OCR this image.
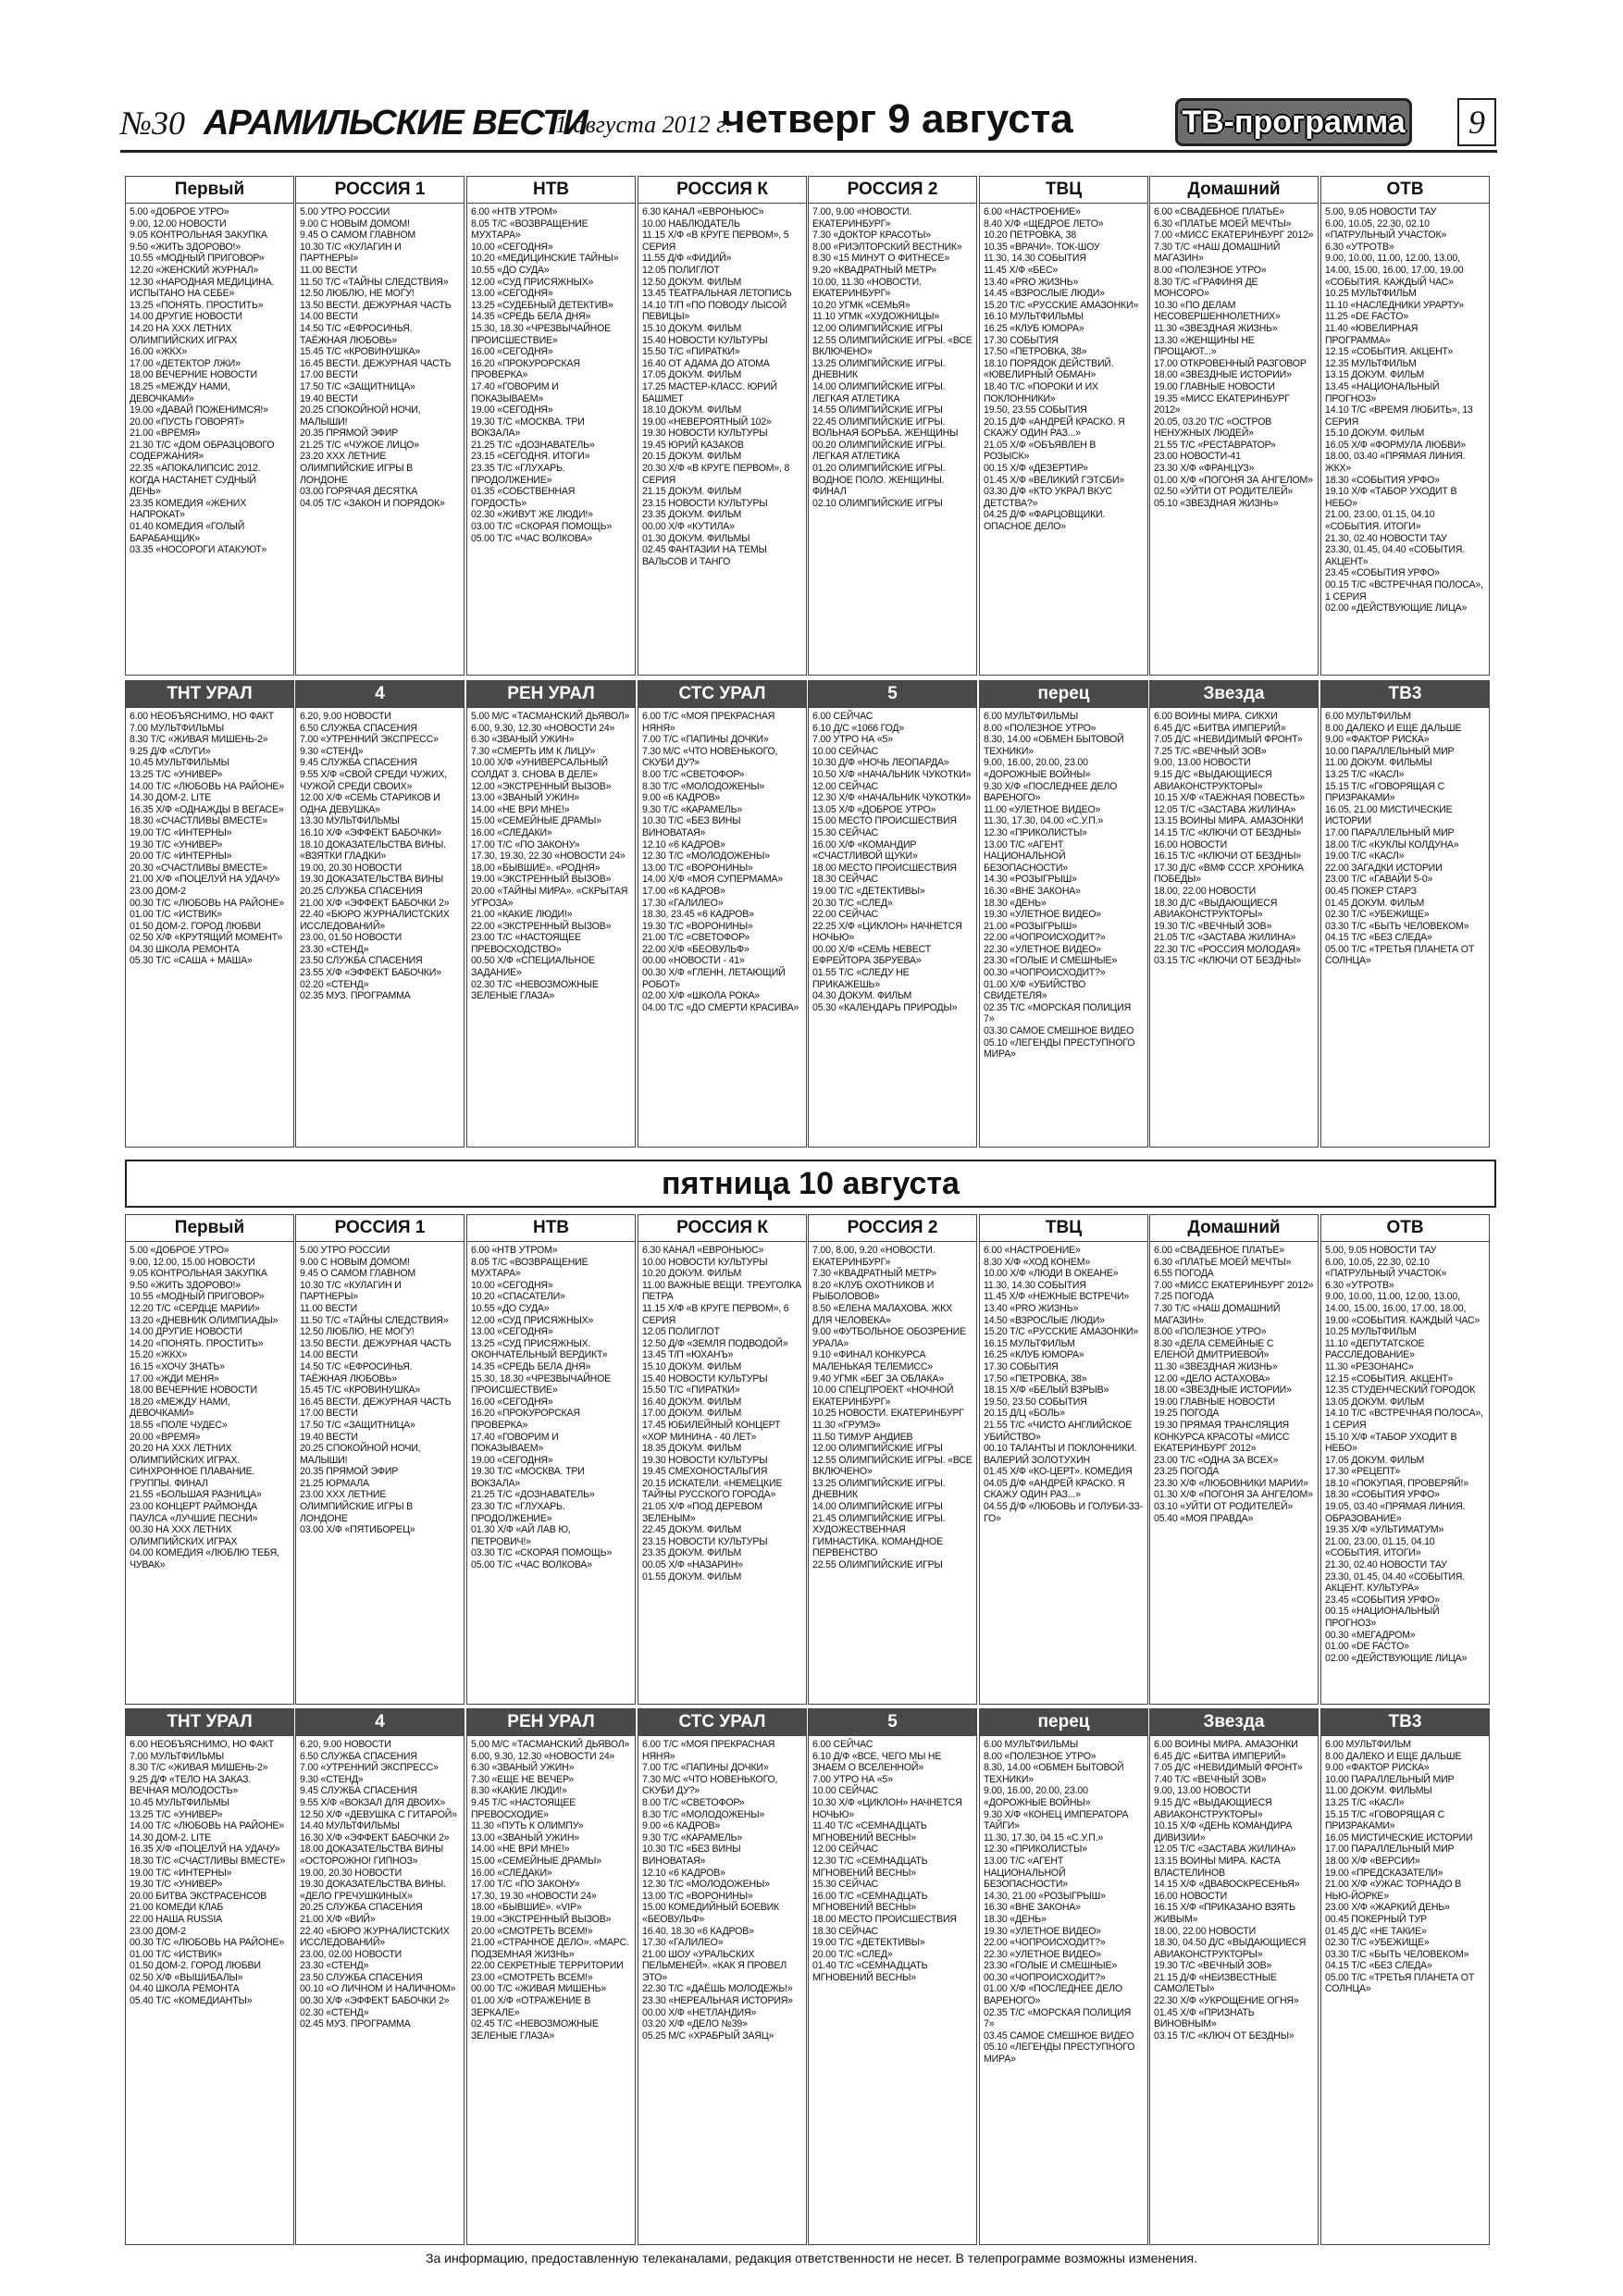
№30 АРАМИЛЬСКИЕ ВЕСТИ
1 августа 2012 г.
четверг 9 августа	ТВ-программа	9
Первый
5.00 «ДОБРОЕ УТРО»
9.00, 12.00 НОВОСТИ
9.05 КОНТРОЛЬНАЯ ЗАКУПКА
9.50 «ЖИТЬ ЗДОРОВО!»
10.55 «МОДНЫЙ ПРИГОВОР»
12.20 «ЖЕНСКИЙ ЖУРНАЛ»
12.30 «НАРОДНАЯ МЕДИЦИНА. ИСПЫТАНО НА СЕБЕ»
13.25 «ПОНЯТЬ. ПРОСТИТЬ»
14.00 ДРУГИЕ НОВОСТИ
14.20 НА XXX ЛЕТНИХ ОЛИМПИЙСКИХ ИГРАХ
16.00 «ЖКХ»
17.00 «ДЕТЕКТОР ЛЖИ»
18.00 ВЕЧЕРНИЕ НОВОСТИ
18.25 «МЕЖДУ НАМИ, ДЕВОЧКАМИ»
19.00 «ДАВАЙ ПОЖЕНИМСЯ!»
20.00 «ПУСТЬ ГОВОРЯТ»
21.00 «ВРЕМЯ»
21.30 Т/С «ДОМ ОБРАЗЦОВОГО СОДЕРЖАНИЯ»
22.35 «АПОКАЛИПСИС 2012. КОГДА НАСТАНЕТ СУДНЫЙ ДЕНЬ»
23.35 КОМЕДИЯ «ЖЕНИХ НАПРОКАТ»
01.40 КОМЕДИЯ «ГОЛЫЙ БАРАБАНЩИК»
03.35 «НОСОРОГИ АТАКУЮТ»
ТНТ УРАЛ
6.00 НЕОБЪЯСНИМО, НО ФАКТ
7.00 МУЛЬТФИЛЬМЫ
8.30 Т/С «ЖИВАЯ МИШЕНЬ-2»
9.25 Д/Ф «СЛУГИ»
10.45 МУЛЬТФИЛЬМЫ
13.25 Т/С «УНИВЕР»
14.00 Т/С «ЛЮБОВЬ НА РАЙОНЕ»
14.30 ДОМ-2. LITE
16.35 Х/Ф «ОДНАЖДЫ В ВЕГАСЕ»
18.30 «СЧАСТЛИВЫ ВМЕСТЕ»
19.00 Т/С «ИНТЕРНЫ»
19.30 Т/С «УНИВЕР»
20.00 Т/С «ИНТЕРНЫ»
20.30 «СЧАСТЛИВЫ ВМЕСТЕ»
21.00 Х/Ф «ПОЦЕЛУЙ НА УДАЧУ»
23.00 ДОМ-2
00.30 Т/С «ЛЮБОВЬ НА РАЙОНЕ»
01.00 Т/С «ИСТВИК»
01.50 ДОМ-2. ГОРОД ЛЮБВИ
02.50 Х/Ф «КРУТЯЩИЙ МОМЕНТ»
04.30 ШКОЛА РЕМОНТА
05.30 Т/С «САША + МАША»
РОССИЯ 1
5.00 УТРО РОССИИ
9.00 С НОВЫМ ДОМОМ!
9.45 О САМОМ ГЛАВНОМ
10.30 Т/С «КУЛАГИН И ПАРТНЕРЫ»
11.00 ВЕСТИ
11.50 Т/С «ТАЙНЫ СЛЕДСТВИЯ»
12.50 ЛЮБЛЮ, НЕ МОГУ!
13.50 ВЕСТИ. ДЕЖУРНАЯ ЧАСТЬ
14.00 ВЕСТИ
14.50 Т/С «ЕФРОСИНЬЯ. ТАЁЖНАЯ ЛЮБОВЬ»
15.45 Т/С «КРОВИНУШКА»
16.45 ВЕСТИ. ДЕЖУРНАЯ ЧАСТЬ
17.00 ВЕСТИ
17.50 Т/С «ЗАЩИТНИЦА»
19.40 ВЕСТИ
20.25 СПОКОЙНОЙ НОЧИ, МАЛЫШИ!
20.35 ПРЯМОЙ ЭФИР
21.25 Т/С «ЧУЖОЕ ЛИЦО»
23.20 XXX ЛЕТНИЕ ОЛИМПИЙСКИЕ ИГРЫ В ЛОНДОНЕ
03.00 ГОРЯЧАЯ ДЕСЯТКА
04.05 Т/С «ЗАКОН И ПОРЯДОК»
4
6.20, 9.00 НОВОСТИ
6.50 СЛУЖБА СПАСЕНИЯ
7.00 «УТРЕННИЙ ЭКСПРЕСС»
9.30 «СТЕНД»
9.45 СЛУЖБА СПАСЕНИЯ
9.55 Х/Ф «СВОЙ СРЕДИ ЧУЖИХ, ЧУЖОЙ СРЕДИ СВОИХ»
12.00 Х/Ф «СЕМЬ СТАРИКОВ И ОДНА ДЕВУШКА»
13.30 МУЛЬТФИЛЬМЫ
16.10 Х/Ф «ЭФФЕКТ БАБОЧКИ»
18.10 ДОКАЗАТЕЛЬСТВА ВИНЫ. «ВЗЯТКИ ГЛАДКИ»
19.00, 20.30 НОВОСТИ
19.30 ДОКАЗАТЕЛЬСТВА ВИНЫ
20.25 СЛУЖБА СПАСЕНИЯ
21.00 Х/Ф «ЭФФЕКТ БАБОЧКИ 2»
22.40 «БЮРО ЖУРНАЛИСТСКИХ ИССЛЕДОВАНИЙ»
23.00, 01.50 НОВОСТИ
23.30 «СТЕНД»
23.50 СЛУЖБА СПАСЕНИЯ
23.55 Х/Ф «ЭФФЕКТ БАБОЧКИ»
02.20 «СТЕНД»
02.35 МУЗ. ПРОГРАММА
НТВ
6.00 «НТВ УТРОМ»
8.05 Т/С «ВОЗВРАЩЕНИЕ МУХТАРА»
10.00 «СЕГОДНЯ»
10.20 «МЕДИЦИНСКИЕ ТАЙНЫ»
10.55 «ДО СУДА»
12.00 «СУД ПРИСЯЖНЫХ»
13.00 «СЕГОДНЯ»
13.25 «СУДЕБНЫЙ ДЕТЕКТИВ»
14.35 «СРЕДЬ БЕЛА ДНЯ»
15.30, 18.30 «ЧРЕЗВЫЧАЙНОЕ ПРОИСШЕСТВИЕ»
16.00 «СЕГОДНЯ»
16.20 «ПРОКУРОРСКАЯ ПРОВЕРКА»
17.40 «ГОВОРИМ И ПОКАЗЫВАЕМ»
19.00 «СЕГОДНЯ»
19.30 Т/С «МОСКВА. ТРИ ВОКЗАЛА»
21.25 Т/С «ДОЗНАВАТЕЛЬ»
23.15 «СЕГОДНЯ. ИТОГИ»
23.35 Т/С «ГЛУХАРЬ. ПРОДОЛЖЕНИЕ»
01.35 «СОБСТВЕННАЯ ГОРДОСТЬ»
02.30 «ЖИВУТ ЖЕ ЛЮДИ!»
03.00 Т/С «СКОРАЯ ПОМОЩЬ»
05.00 Т/С «ЧАС ВОЛКОВА»
РЕН УРАЛ
5.00 М/С «ТАСМАНСКИЙ ДЬЯВОЛ»
6.00, 9.30, 12.30 «НОВОСТИ 24»
6.30 «ЗВАНЫЙ УЖИН»
7.30 «СМЕРТЬ ИМ К ЛИЦУ»
10.00 Х/Ф «УНИВЕРСАЛЬНЫЙ СОЛДАТ 3. СНОВА В ДЕЛЕ»
12.00 «ЭКСТРЕННЫЙ ВЫЗОВ»
13.00 «ЗВАНЫЙ УЖИН»
14.00 «НЕ ВРИ МНЕ!»
15.00 «СЕМЕЙНЫЕ ДРАМЫ»
16.00 «СЛЕДАКИ»
17.00 Т/С «ПО ЗАКОНУ»
17.30, 19.30, 22.30 «НОВОСТИ 24»
18.00 «БЫВШИЕ». «РОДНЯ»
19.00 «ЭКСТРЕННЫЙ ВЫЗОВ»
20.00 «ТАЙНЫ МИРА». «СКРЫТАЯ УГРОЗА»
21.00 «КАКИЕ ЛЮДИ!»
22.00 «ЭКСТРЕННЫЙ ВЫЗОВ»
23.00 Т/С «НАСТОЯЩЕЕ ПРЕВОСХОДСТВО»
00.50 Х/Ф «СПЕЦИАЛЬНОЕ ЗАДАНИЕ»
02.30 Т/С «НЕВОЗМОЖНЫЕ ЗЕЛЕНЫЕ ГЛАЗА»
РОССИЯ К
6.30 КАНАЛ «ЕВРОНЬЮС»
10.00 НАБЛЮДАТЕЛЬ
11.15 Х/Ф «В КРУГЕ ПЕРВОМ», 5 СЕРИЯ
11.55 Д/Ф «ФИДИЙ»
12.05 ПОЛИГЛОТ
12.50 ДОКУМ. ФИЛЬМ
13.45 ТЕАТРАЛЬНАЯ ЛЕТОПИСЬ
14.10 Т/П «ПО ПОВОДУ ЛЫСОЙ ПЕВИЦЫ»
15.10 ДОКУМ. ФИЛЬМ
15.40 НОВОСТИ КУЛЬТУРЫ
15.50 Т/С «ПИРАТКИ»
16.40 ОТ АДАМА ДО АТОМА
17.05 ДОКУМ. ФИЛЬМ
17.25 МАСТЕР-КЛАСС. ЮРИЙ БАШМЕТ
18.10 ДОКУМ. ФИЛЬМ
19.00 «НЕВЕРОЯТНЫЙ 102»
19.30 НОВОСТИ КУЛЬТУРЫ
19.45 ЮРИЙ КАЗАКОВ
20.15 ДОКУМ. ФИЛЬМ
20.30 Х/Ф «В КРУГЕ ПЕРВОМ», 8 СЕРИЯ
21.15 ДОКУМ. ФИЛЬМ
23.15 НОВОСТИ КУЛЬТУРЫ
23.35 ДОКУМ. ФИЛЬМ
00.00 Х/Ф «КУТИЛА»
01.30 ДОКУМ. ФИЛЬМЫ
02.45 ФАНТАЗИИ НА ТЕМЫ ВАЛЬСОВ И ТАНГО
СТС УРАЛ
6.00 Т/С «МОЯ ПРЕКРАСНАЯ НЯНЯ»
7.00 Т/С «ПАПИНЫ ДОЧКИ»
7.30 М/С «ЧТО НОВЕНЬКОГО, СКУБИ ДУ?»
8.00 Т/С «СВЕТОФОР»
8.30 Т/С «МОЛОДОЖЕНЫ»
9.00 «6 КАДРОВ»
9.30 Т/С «КАРАМЕЛЬ»
10.30 Т/С «БЕЗ ВИНЫ ВИНОВАТАЯ»
12.10 «6 КАДРОВ»
12.30 Т/С «МОЛОДОЖЕНЫ»
13.00 Т/С «ВОРОНИНЫ»
14.00 Х/Ф «МОЯ СУПЕРМАМА»
17.00 «6 КАДРОВ»
17.30 «ГАЛИЛЕО»
18.30, 23.45 «6 КАДРОВ»
19.30 Т/С «ВОРОНИНЫ»
21.00 Т/С «СВЕТОФОР»
22.00 Х/Ф «БЕОВУЛЬФ»
00.00 «НОВОСТИ - 41»
00.30 Х/Ф «ГЛЕНН, ЛЕТАЮЩИЙ РОБОТ»
02.00 Х/Ф «ШКОЛА РОКА»
04.00 Т/С «ДО СМЕРТИ КРАСИВА»
РОССИЯ 2
7.00, 9.00 «НОВОСТИ. ЕКАТЕРИНБУРГ»
7.30 «ДОКТОР КРАСОТЫ»
8.00 «РИЭЛТОРСКИЙ ВЕСТНИК»
8.30 «15 МИНУТ О ФИТНЕСЕ»
9.20 «КВАДРАТНЫЙ МЕТР»
10.00, 11.30 «НОВОСТИ. ЕКАТЕРИНБУРГ»
10.20 УГМК «СЕМЬЯ»
11.10 УГМК «ХУДОЖНИЦЫ»
12.00 ОЛИМПИЙСКИЕ ИГРЫ
12.55 ОЛИМПИЙСКИЕ ИГРЫ. «ВСЕ ВКЛЮЧЕНО»
13.25 ОЛИМПИЙСКИЕ ИГРЫ. ДНЕВНИК
14.00 ОЛИМПИЙСКИЕ ИГРЫ. ЛЕГКАЯ АТЛЕТИКА
14.55 ОЛИМПИЙСКИЕ ИГРЫ
22.45 ОЛИМПИЙСКИЕ ИГРЫ. ВОЛЬНАЯ БОРЬБА. ЖЕНЩИНЫ
00.20 ОЛИМПИЙСКИЕ ИГРЫ. ЛЕГКАЯ АТЛЕТИКА
01.20 ОЛИМПИЙСКИЕ ИГРЫ. ВОДНОЕ ПОЛО. ЖЕНЩИНЫ. ФИНАЛ
02.10 ОЛИМПИЙСКИЕ ИГРЫ
5
6.00 СЕЙЧАС
6.10 Д/С «1066 ГОД»
7.00 УТРО НА «5»
10.00 СЕЙЧАС
10.30 Д/Ф «НОЧЬ ЛЕОПАРДА»
10.50 Х/Ф «НАЧАЛЬНИК ЧУКОТКИ»
12.00 СЕЙЧАС
12.30 Х/Ф «НАЧАЛЬНИК ЧУКОТКИ»
13.05 Х/Ф «ДОБРОЕ УТРО»
15.00 МЕСТО ПРОИСШЕСТВИЯ
15.30 СЕЙЧАС
16.00 Х/Ф «КОМАНДИР «СЧАСТЛИВОЙ ЩУКИ»
18.00 МЕСТО ПРОИСШЕСТВИЯ
18.30 СЕЙЧАС
19.00 Т/С «ДЕТЕКТИВЫ»
20.30 Т/С «СЛЕД»
22.00 СЕЙЧАС
22.25 Х/Ф «ЦИКЛОН» НАЧНЕТСЯ НОЧЬЮ»
00.00 Х/Ф «СЕМЬ НЕВЕСТ ЕФРЕЙТОРА ЗБРУЕВА»
01.55 Т/С «СЛЕДУ НЕ ПРИКАЖЕШЬ»
04.30 ДОКУМ. ФИЛЬМ
05.30 «КАЛЕНДАРЬ ПРИРОДЫ»
ТВЦ
6.00 «НАСТРОЕНИЕ»
8.40 Х/Ф «ЩЕДРОЕ ЛЕТО»
10.20 ПЕТРОВКА, 38
10.35 «ВРАЧИ». ТОК-ШОУ
11.30, 14.30 СОБЫТИЯ
11.45 Х/Ф «БЕС»
13.40 «PRO ЖИЗНЬ»
14.45 «ВЗРОСЛЫЕ ЛЮДИ»
15.20 Т/С «РУССКИЕ АМАЗОНКИ»
16.10 МУЛЬТФИЛЬМЫ
16.25 «КЛУБ ЮМОРА»
17.30 СОБЫТИЯ
17.50 «ПЕТРОВКА, 38»
18.10 ПОРЯДОК ДЕЙСТВИЙ. «ЮВЕЛИРНЫЙ ОБМАН»
18.40 Т/С «ПОРОКИ И ИХ ПОКЛОННИКИ»
19.50, 23.55 СОБЫТИЯ
20.15 Д/Ф «АНДРЕЙ КРАСКО. Я СКАЖУ ОДИН РАЗ...»
21.05 Х/Ф «ОБЪЯВЛЕН В РОЗЫСК»
00.15 Х/Ф «ДЕЗЕРТИР»
01.45 Х/Ф «ВЕЛИКИЙ ГЭТСБИ»
03.30 Д/Ф «КТО УКРАЛ ВКУС ДЕТСТВА?»
04.25 Д/Ф «ФАРЦОВЩИКИ. ОПАСНОЕ ДЕЛО»
перец
6.00 МУЛЬТФИЛЬМЫ
8.00 «ПОЛЕЗНОЕ УТРО»
8.30, 14.00 «ОБМЕН БЫТОВОЙ ТЕХНИКИ»
9.00, 16.00, 20.00, 23.00 «ДОРОЖНЫЕ ВОЙНЫ»
9.30 Х/Ф «ПОСЛЕДНЕЕ ДЕЛО ВАРЕНОГО»
11.00 «УЛЕТНОЕ ВИДЕО»
11.30, 17.30, 04.00 «С.У.П.»
12.30 «ПРИКОЛИСТЫ»
13.00 Т/С «АГЕНТ НАЦИОНАЛЬНОЙ БЕЗОПАСНОСТИ»
14.30 «РОЗЫГРЫШ»
16.30 «ВНЕ ЗАКОНА»
18.30 «ДЕНЬ»
19.30 «УЛЕТНОЕ ВИДЕО»
21.00 «РОЗЫГРЫШ»
22.00 «ЧОПРОИСХОДИТ?»
22.30 «УЛЕТНОЕ ВИДЕО»
23.30 «ГОЛЫЕ И СМЕШНЫЕ»
00.30 «ЧОПРОИСХОДИТ?»
01.00 Х/Ф «УБИЙСТВО СВИДЕТЕЛЯ»
02.35 Т/С «МОРСКАЯ ПОЛИЦИЯ 7»
03.30 САМОЕ СМЕШНОЕ ВИДЕО
05.10 «ЛЕГЕНДЫ ПРЕСТУПНОГО МИРА»
Домашний
6.00 «СВАДЕБНОЕ ПЛАТЬЕ»
6.30 «ПЛАТЬЕ МОЕЙ МЕЧТЫ»
7.00 «МИСС ЕКАТЕРИНБУРГ 2012»
7.30 Т/С «НАШ ДОМАШНИЙ МАГАЗИН»
8.00 «ПОЛЕЗНОЕ УТРО»
8.30 Т/С «ГРАФИНЯ ДЕ МОНСОРО»
10.30 «ПО ДЕЛАМ НЕСОВЕРШЕННОЛЕТНИХ»
11.30 «ЗВЕЗДНАЯ ЖИЗНЬ»
13.30 «ЖЕНЩИНЫ НЕ ПРОЩАЮТ...»
17.00 ОТКРОВЕННЫЙ РАЗГОВОР
18.00 «ЗВЕЗДНЫЕ ИСТОРИИ»
19.00 ГЛАВНЫЕ НОВОСТИ
19.35 «МИСС ЕКАТЕРИНБУРГ 2012»
20.05, 03.20 Т/С «ОСТРОВ НЕНУЖНЫХ ЛЮДЕЙ»
21.55 Т/С «РЕСТАВРАТОР»
23.00 НОВОСТИ-41
23.30 Х/Ф «ФРАНЦУЗ»
01.00 Х/Ф «ПОГОНЯ ЗА АНГЕЛОМ»
02.50 «УЙТИ ОТ РОДИТЕЛЕЙ»
05.10 «ЗВЕЗДНАЯ ЖИЗНЬ»
Звезда
6.00 ВОИНЫ МИРА. СИКХИ
6.45 Д/С «БИТВА ИМПЕРИЙ»
7.05 Д/С «НЕВИДИМЫЙ ФРОНТ»
7.25 Т/С «ВЕЧНЫЙ ЗОВ»
9.00, 13.00 НОВОСТИ
9.15 Д/С «ВЫДАЮЩИЕСЯ АВИАКОНСТРУКТОРЫ»
10.15 Х/Ф «ТАЕЖНАЯ ПОВЕСТЬ»
12.05 Т/С «ЗАСТАВА ЖИЛИНА»
13.15 ВОИНЫ МИРА. АМАЗОНКИ
14.15 Т/С «КЛЮЧИ ОТ БЕЗДНЫ»
16.00 НОВОСТИ
16.15 Т/С «КЛЮЧИ ОТ БЕЗДНЫ»
17.30 Д/С «ВМФ СССР. ХРОНИКА ПОБЕДЫ»
18.00, 22.00 НОВОСТИ
18.30 Д/С «ВЫДАЮЩИЕСЯ АВИАКОНСТРУКТОРЫ»
19.30 Т/С «ВЕЧНЫЙ ЗОВ»
21.05 Т/С «ЗАСТАВА ЖИЛИНА»
22.30 Т/С «РОССИЯ МОЛОДАЯ»
03.15 Т/С «КЛЮЧИ ОТ БЕЗДНЫ»
ОТВ
5.00, 9.05 НОВОСТИ ТАУ
6.00, 10.05, 22.30, 02.10 «ПАТРУЛЬНЫЙ УЧАСТОК»
6.30 «УТРОТВ»
9.00, 10.00, 11.00, 12.00, 13.00, 14.00, 15.00, 16.00, 17.00, 19.00 «СОБЫТИЯ. КАЖДЫЙ ЧАС»
10.25 МУЛЬТФИЛЬМ
11.10 «НАСЛЕДНИКИ УРАРТУ»
11.25 «DE FACTO»
11.40 «ЮВЕЛИРНАЯ ПРОГРАММА»
12.15 «СОБЫТИЯ. АКЦЕНТ»
12.35 МУЛЬТФИЛЬМ
13.15 ДОКУМ. ФИЛЬМ
13.45 «НАЦИОНАЛЬНЫЙ ПРОГНОЗ»
14.10 Т/С «ВРЕМЯ ЛЮБИТЬ», 13 СЕРИЯ
15.10 ДОКУМ. ФИЛЬМ
16.05 Х/Ф «ФОРМУЛА ЛЮБВИ»
18.00, 03.40 «ПРЯМАЯ ЛИНИЯ. ЖКХ»
18.30 «СОБЫТИЯ УРФО»
19.10 Х/Ф «ТАБОР УХОДИТ В НЕБО»
21.00, 23.00, 01.15, 04.10 «СОБЫТИЯ. ИТОГИ»
21.30, 02.40 НОВОСТИ ТАУ
23.30, 01.45, 04.40 «СОБЫТИЯ. АКЦЕНТ»
23.45 «СОБЫТИЯ УРФО»
00.15 Т/С «ВСТРЕЧНАЯ ПОЛОСА», 1 СЕРИЯ
02.00 «ДЕЙСТВУЮЩИЕ ЛИЦА»
ТВ3
6.00 МУЛЬТФИЛЬМ
8.00 ДАЛЕКО И ЕЩЕ ДАЛЬШЕ
9.00 «ФАКТОР РИСКА»
10.00 ПАРАЛЛЕЛЬНЫЙ МИР
11.00 ДОКУМ. ФИЛЬМЫ
13.25 Т/С «КАСЛ»
15.15 Т/С «ГОВОРЯЩАЯ С ПРИЗРАКАМИ»
16.05, 21.00 МИСТИЧЕСКИЕ ИСТОРИИ
17.00 ПАРАЛЛЕЛЬНЫЙ МИР
18.00 Т/С «КУКЛЫ КОЛДУНА»
19.00 Т/С «КАСЛ»
22.00 ЗАГАДКИ ИСТОРИИ
23.00 Т/С «ГАВАЙИ 5-0»
00.45 ПОКЕР СТАРЗ
01.45 ДОКУМ. ФИЛЬМ
02.30 Т/С «УБЕЖИЩЕ»
03.30 Т/С «БЫТЬ ЧЕЛОВЕКОМ»
04.15 Т/С «БЕЗ СЛЕДА»
05.00 Т/С «ТРЕТЬЯ ПЛАНЕТА ОТ СОЛНЦА»
пятница 10 августа
Первый
5.00 «ДОБРОЕ УТРО»
9.00, 12.00, 15.00 НОВОСТИ
9.05 КОНТРОЛЬНАЯ ЗАКУПКА
9.50 «ЖИТЬ ЗДОРОВО!»
10.55 «МОДНЫЙ ПРИГОВОР»
12.20 Т/С «СЕРДЦЕ МАРИИ»
13.20 «ДНЕВНИК ОЛИМПИАДЫ»
14.00 ДРУГИЕ НОВОСТИ
14.20 «ПОНЯТЬ. ПРОСТИТЬ»
15.20 «ЖКХ»
16.15 «ХОЧУ ЗНАТЬ»
17.00 «ЖДИ МЕНЯ»
18.00 ВЕЧЕРНИЕ НОВОСТИ
18.20 «МЕЖДУ НАМИ, ДЕВОЧКАМИ»
18.55 «ПОЛЕ ЧУДЕС»
20.00 «ВРЕМЯ»
20.20 НА XXX ЛЕТНИХ ОЛИМПИЙСКИХ ИГРАХ. СИНХРОННОЕ ПЛАВАНИЕ. ГРУППЫ. ФИНАЛ
21.55 «БОЛЬШАЯ РАЗНИЦА»
23.00 КОНЦЕРТ РАЙМОНДА ПАУЛСА «ЛУЧШИЕ ПЕСНИ»
00.30 НА XXX ЛЕТНИХ ОЛИМПИЙСКИХ ИГРАХ
04.00 КОМЕДИЯ «ЛЮБЛЮ ТЕБЯ, ЧУВАК»
ТНТ УРАЛ
6.00 НЕОБЪЯСНИМО, НО ФАКТ
7.00 МУЛЬТФИЛЬМЫ
8.30 Т/С «ЖИВАЯ МИШЕНЬ-2»
9.25 Д/Ф «ТЕЛО НА ЗАКАЗ. ВЕЧНАЯ МОЛОДОСТЬ»
10.45 МУЛЬТФИЛЬМЫ
13.25 Т/С «УНИВЕР»
14.00 Т/С «ЛЮБОВЬ НА РАЙОНЕ»
14.30 ДОМ-2. LITE
16.35 Х/Ф «ПОЦЕЛУЙ НА УДАЧУ»
18.30 Т/С «СЧАСТЛИВЫ ВМЕСТЕ»
19.00 Т/С «ИНТЕРНЫ»
19.30 Т/С «УНИВЕР»
20.00 БИТВА ЭКСТРАСЕНСОВ
21.00 КОМЕДИ КЛАБ
22.00 НАША RUSSIA
23.00 ДОМ-2
00.30 Т/С «ЛЮБОВЬ НА РАЙОНЕ»
01.00 Т/С «ИСТВИК»
01.50 ДОМ-2. ГОРОД ЛЮБВИ
02.50 Х/Ф «ВЫШИБАЛЫ»
04.40 ШКОЛА РЕМОНТА
05.40 Т/С «КОМЕДИАНТЫ»
РОССИЯ 1
5.00 УТРО РОССИИ
9.00 С НОВЫМ ДОМОМ!
9.45 О САМОМ ГЛАВНОМ
10.30 Т/С «КУЛАГИН И ПАРТНЕРЫ»
11.00 ВЕСТИ
11.50 Т/С «ТАЙНЫ СЛЕДСТВИЯ»
12.50 ЛЮБЛЮ, НЕ МОГУ!
13.50 ВЕСТИ. ДЕЖУРНАЯ ЧАСТЬ
14.00 ВЕСТИ
14.50 Т/С «ЕФРОСИНЬЯ. ТАЁЖНАЯ ЛЮБОВЬ»
15.45 Т/С «КРОВИНУШКА»
16.45 ВЕСТИ. ДЕЖУРНАЯ ЧАСТЬ
17.00 ВЕСТИ
17.50 Т/С «ЗАЩИТНИЦА»
19.40 ВЕСТИ
20.25 СПОКОЙНОЙ НОЧИ, МАЛЫШИ!
20.35 ПРЯМОЙ ЭФИР
21.25 ЮРМАЛА
23.00 XXX ЛЕТНИЕ ОЛИМПИЙСКИЕ ИГРЫ В ЛОНДОНЕ
03.00 Х/Ф «ПЯТИБОРЕЦ»
4
6.20, 9.00 НОВОСТИ
6.50 СЛУЖБА СПАСЕНИЯ
7.00 «УТРЕННИЙ ЭКСПРЕСС»
9.30 «СТЕНД»
9.45 СЛУЖБА СПАСЕНИЯ
9.55 Х/Ф «ВОКЗАЛ ДЛЯ ДВОИХ»
12.50 Х/Ф «ДЕВУШКА С ГИТАРОЙ»
14.40 МУЛЬТФИЛЬМЫ
16.30 Х/Ф «ЭФФЕКТ БАБОЧКИ 2»
18.00 ДОКАЗАТЕЛЬСТВА ВИНЫ «ОСТОРОЖНО! ГИПНОЗ»
19.00, 20.30 НОВОСТИ
19.30 ДОКАЗАТЕЛЬСТВА ВИНЫ. «ДЕЛО ГРЕЧУШКИНЫХ»
20.25 СЛУЖБА СПАСЕНИЯ
21.00 Х/Ф «ВИЙ»
22.40 «БЮРО ЖУРНАЛИСТСКИХ ИССЛЕДОВАНИЙ»
23.00, 02.00 НОВОСТИ
23.30 «СТЕНД»
23.50 СЛУЖБА СПАСЕНИЯ
00.10 «О ЛИЧНОМ И НАЛИЧНОМ»
00.30 Х/Ф «ЭФФЕКТ БАБОЧКИ 2»
02.30 «СТЕНД»
02.45 МУЗ. ПРОГРАММА
НТВ
6.00 «НТВ УТРОМ»
8.05 Т/С «ВОЗВРАЩЕНИЕ МУХТАРА»
10.00 «СЕГОДНЯ»
10.20 «СПАСАТЕЛИ»
10.55 «ДО СУДА»
12.00 «СУД ПРИСЯЖНЫХ»
13.00 «СЕГОДНЯ»
13.25 «СУД ПРИСЯЖНЫХ. ОКОНЧАТЕЛЬНЫЙ ВЕРДИКТ»
14.35 «СРЕДЬ БЕЛА ДНЯ»
15.30, 18.30 «ЧРЕЗВЫЧАЙНОЕ ПРОИСШЕСТВИЕ»
16.00 «СЕГОДНЯ»
16.20 «ПРОКУРОРСКАЯ ПРОВЕРКА»
17.40 «ГОВОРИМ И ПОКАЗЫВАЕМ»
19.00 «СЕГОДНЯ»
19.30 Т/С «МОСКВА. ТРИ ВОКЗАЛА»
21.25 Т/С «ДОЗНАВАТЕЛЬ»
23.30 Т/С «ГЛУХАРЬ. ПРОДОЛЖЕНИЕ»
01.30 Х/Ф «АЙ ЛАВ Ю, ПЕТРОВИЧ!»
03.30 Т/С «СКОРАЯ ПОМОЩЬ»
05.00 Т/С «ЧАС ВОЛКОВА»
РЕН УРАЛ
5.00 М/С «ТАСМАНСКИЙ ДЬЯВОЛ»
6.00, 9.30, 12.30 «НОВОСТИ 24»
6.30 «ЗВАНЫЙ УЖИН»
7.30 «ЕЩЕ НЕ ВЕЧЕР»
8.30 «КАКИЕ ЛЮДИ!»
9.45 Т/С «НАСТОЯЩЕЕ ПРЕВОСХОДИЕ»
11.30 «ПУТЬ К ОЛИМПУ»
13.00 «ЗВАНЫЙ УЖИН»
14.00 «НЕ ВРИ МНЕ!»
15.00 «СЕМЕЙНЫЕ ДРАМЫ»
16.00 «СЛЕДАКИ»
17.00 Т/С «ПО ЗАКОНУ»
17.30, 19.30 «НОВОСТИ 24»
18.00 «БЫВШИЕ». «VIP»
19.00 «ЭКСТРЕННЫЙ ВЫЗОВ»
20.00 «СМОТРЕТЬ ВСЕМ!»
21.00 «СТРАННОЕ ДЕЛО». «МАРС. ПОДЗЕМНАЯ ЖИЗНЬ»
22.00 СЕКРЕТНЫЕ ТЕРРИТОРИИ
23.00 «СМОТРЕТЬ ВСЕМ!»
00.00 Т/С «ЖИВАЯ МИШЕНЬ»
01.00 Х/Ф «ОТРАЖЕНИЕ В ЗЕРКАЛЕ»
02.45 Т/С «НЕВОЗМОЖНЫЕ ЗЕЛЕНЫЕ ГЛАЗА»
РОССИЯ К
6.30 КАНАЛ «ЕВРОНЬЮС»
10.00 НОВОСТИ КУЛЬТУРЫ
10.20 ДОКУМ. ФИЛЬМ
11.00 ВАЖНЫЕ ВЕЩИ. ТРЕУГОЛКА ПЕТРА
11.15 Х/Ф «В КРУГЕ ПЕРВОМ», 6 СЕРИЯ
12.05 ПОЛИГЛОТ
12.50 Д/Ф «ЗЕМЛЯ ПОДВОДОЙ»
13.45 Т/П «ЮХАНЪ»
15.10 ДОКУМ. ФИЛЬМ
15.40 НОВОСТИ КУЛЬТУРЫ
15.50 Т/С «ПИРАТКИ»
16.40 ДОКУМ. ФИЛЬМ
17.00 ДОКУМ. ФИЛЬМ
17.45 ЮБИЛЕЙНЫЙ КОНЦЕРТ «ХОР МИНИНА - 40 ЛЕТ»
18.35 ДОКУМ. ФИЛЬМ
19.30 НОВОСТИ КУЛЬТУРЫ
19.45 СМЕХОНОСТАЛЬГИЯ
20.15 ИСКАТЕЛИ. «НЕМЕЦКИЕ ТАЙНЫ РУССКОГО ГОРОДА»
21.05 Х/Ф «ПОД ДЕРЕВОМ ЗЕЛЕНЫМ»
22.45 ДОКУМ. ФИЛЬМ
23.15 НОВОСТИ КУЛЬТУРЫ
23.35 ДОКУМ. ФИЛЬМ
00.05 Х/Ф «НАЗАРИН»
01.55 ДОКУМ. ФИЛЬМ
СТС УРАЛ
6.00 Т/С «МОЯ ПРЕКРАСНАЯ НЯНЯ»
7.00 Т/С «ПАПИНЫ ДОЧКИ»
7.30 М/С «ЧТО НОВЕНЬКОГО, СКУБИ ДУ?»
8.00 Т/С «СВЕТОФОР»
8.30 Т/С «МОЛОДОЖЕНЫ»
9.00 «6 КАДРОВ»
9.30 Т/С «КАРАМЕЛЬ»
10.30 Т/С «БЕЗ ВИНЫ ВИНОВАТАЯ»
12.10 «6 КАДРОВ»
12.30 Т/С «МОЛОДОЖЕНЫ»
13.00 Т/С «ВОРОНИНЫ»
15.00 КОМЕДИЙНЫЙ БОЕВИК «БЕОВУЛЬФ»
16.40, 18.30 «6 КАДРОВ»
17.30 «ГАЛИЛЕО»
21.00 ШОУ «УРАЛЬСКИХ ПЕЛЬМЕНЕЙ». «КАК Я ПРОВЕЛ ЭТО»
22.30 Т/С «ДАЁШЬ МОЛОДЕЖЬ!»
23.30 «НЕРЕАЛЬНАЯ ИСТОРИЯ»
00.00 Х/Ф «НЕТЛАНДИЯ»
03.20 Х/Ф «ДЕЛО №39»
05.25 М/С «ХРАБРЫЙ ЗАЯЦ»
РОССИЯ 2
7.00, 8.00, 9.20 «НОВОСТИ. ЕКАТЕРИНБУРГ»
7.30 «КВАДРАТНЫЙ МЕТР»
8.20 «КЛУБ ОХОТНИКОВ И РЫБОЛОВОВ»
8.50 «ЕЛЕНА МАЛАХОВА. ЖКХ ДЛЯ ЧЕЛОВЕКА»
9.00 «ФУТБОЛЬНОЕ ОБОЗРЕНИЕ УРАЛА»
9.10 «ФИНАЛ КОНКУРСА МАЛЕНЬКАЯ ТЕЛЕМИСС»
9.40 УГМК «БЕГ ЗА ОБЛАКА»
10.00 СПЕЦПРОЕКТ «НОЧНОЙ ЕКАТЕРИНБУРГ»
10.25 НОВОСТИ. ЕКАТЕРИНБУРГ
11.30 «ГРУМЭ»
11.50 ТИМУР АНДИЕВ
12.00 ОЛИМПИЙСКИЕ ИГРЫ
12.55 ОЛИМПИЙСКИЕ ИГРЫ. «ВСЕ ВКЛЮЧЕНО»
13.25 ОЛИМПИЙСКИЕ ИГРЫ. ДНЕВНИК
14.00 ОЛИМПИЙСКИЕ ИГРЫ
21.45 ОЛИМПИЙСКИЕ ИГРЫ. ХУДОЖЕСТВЕННАЯ ГИМНАСТИКА. КОМАНДНОЕ ПЕРВЕНСТВО
22.55 ОЛИМПИЙСКИЕ ИГРЫ
5
6.00 СЕЙЧАС
6.10 Д/Ф «ВСЕ, ЧЕГО МЫ НЕ ЗНАЕМ О ВСЕЛЕННОЙ»
7.00 УТРО НА «5»
10.00 СЕЙЧАС
10.30 Х/Ф «ЦИКЛОН» НАЧНЕТСЯ НОЧЬЮ»
11.40 Т/С «СЕМНАДЦАТЬ МГНОВЕНИЙ ВЕСНЫ»
12.00 СЕЙЧАС
12.30 Т/С «СЕМНАДЦАТЬ МГНОВЕНИЙ ВЕСНЫ»
15.30 СЕЙЧАС
16.00 Т/С «СЕМНАДЦАТЬ МГНОВЕНИЙ ВЕСНЫ»
18.00 МЕСТО ПРОИСШЕСТВИЯ
18.30 СЕЙЧАС
19.00 Т/С «ДЕТЕКТИВЫ»
20.00 Т/С «СЛЕД»
01.40 Т/С «СЕМНАДЦАТЬ МГНОВЕНИЙ ВЕСНЫ»
ТВЦ
6.00 «НАСТРОЕНИЕ»
8.30 Х/Ф «ХОД КОНЕМ»
10.00 Х/Ф «ЛЮДИ В ОКЕАНЕ»
11.30, 14.30 СОБЫТИЯ
11.45 Х/Ф «НЕЖНЫЕ ВСТРЕЧИ»
13.40 «PRO ЖИЗНЬ»
14.50 «ВЗРОСЛЫЕ ЛЮДИ»
15.20 Т/С «РУССКИЕ АМАЗОНКИ»
16.15 МУЛЬТФИЛЬМ
16.25 «КЛУБ ЮМОРА»
17.30 СОБЫТИЯ
17.50 «ПЕТРОВКА, 38»
18.15 Х/Ф «БЕЛЫЙ ВЗРЫВ»
19.50, 23.50 СОБЫТИЯ
20.15 Д/Ц «БОЛЬ»
21.55 Т/С «ЧИСТО АНГЛИЙСКОЕ УБИЙСТВО»
00.10 ТАЛАНТЫ И ПОКЛОННИКИ. ВАЛЕРИЙ ЗОЛОТУХИН
01.45 Х/Ф «КО-ЦЕРТ». КОМЕДИЯ
04.05 Д/Ф «АНДРЕЙ КРАСКО. Я СКАЖУ ОДИН РАЗ...»
04.55 Д/Ф «ЛЮБОВЬ И ГОЛУБИ-ЗЗ-ГО»
перец
6.00 МУЛЬТФИЛЬМЫ
8.00 «ПОЛЕЗНОЕ УТРО»
8.30, 14.00 «ОБМЕН БЫТОВОЙ ТЕХНИКИ»
9.00, 16.00, 20.00, 23.00 «ДОРОЖНЫЕ ВОЙНЫ»
9.30 Х/Ф «КОНЕЦ ИМПЕРАТОРА ТАЙГИ»
11.30, 17.30, 04.15 «С.У.П.»
12.30 «ПРИКОЛИСТЫ»
13.00 Т/С «АГЕНТ НАЦИОНАЛЬНОЙ БЕЗОПАСНОСТИ»
14.30, 21.00 «РОЗЫГРЫШ»
16.30 «ВНЕ ЗАКОНА»
18.30 «ДЕНЬ»
19.30 «УЛЕТНОЕ ВИДЕО»
22.00 «ЧОПРОИСХОДИТ?»
22.30 «УЛЕТНОЕ ВИДЕО»
23.30 «ГОЛЫЕ И СМЕШНЫЕ»
00.30 «ЧОПРОИСХОДИТ?»
01.00 Х/Ф «ПОСЛЕДНЕЕ ДЕЛО ВАРЕНОГО»
02.35 Т/С «МОРСКАЯ ПОЛИЦИЯ 7»
03.45 САМОЕ СМЕШНОЕ ВИДЕО
05.10 «ЛЕГЕНДЫ ПРЕСТУПНОГО МИРА»
Домашний
6.00 «СВАДЕБНОЕ ПЛАТЬЕ»
6.30 «ПЛАТЬЕ МОЕЙ МЕЧТЫ»
6.55 ПОГОДА
7.00 «МИСС ЕКАТЕРИНБУРГ 2012»
7.25 ПОГОДА
7.30 Т/С «НАШ ДОМАШНИЙ МАГАЗИН»
8.00 «ПОЛЕЗНОЕ УТРО»
8.30 «ДЕЛА СЕМЕЙНЫЕ С ЕЛЕНОЙ ДМИТРИЕВОЙ»
11.30 «ЗВЕЗДНАЯ ЖИЗНЬ»
12.00 «ДЕЛО АСТАХОВА»
18.00 «ЗВЕЗДНЫЕ ИСТОРИИ»
19.00 ГЛАВНЫЕ НОВОСТИ
19.25 ПОГОДА
19.30 ПРЯМАЯ ТРАНСЛЯЦИЯ КОНКУРСА КРАСОТЫ «МИСС ЕКАТЕРИНБУРГ 2012»
23.00 Т/С «ОДНА ЗА ВСЕХ»
23.25 ПОГОДА
23.30 Х/Ф «ЛЮБОВНИКИ МАРИИ»
01.30 Х/Ф «ПОГОНЯ ЗА АНГЕЛОМ»
03.10 «УЙТИ ОТ РОДИТЕЛЕЙ»
05.40 «МОЯ ПРАВДА»
Звезда
6.00 ВОИНЫ МИРА. АМАЗОНКИ
6.45 Д/С «БИТВА ИМПЕРИЙ»
7.05 Д/С «НЕВИДИМЫЙ ФРОНТ»
7.40 Т/С «ВЕЧНЫЙ ЗОВ»
9.00, 13.00 НОВОСТИ
9.15 Д/С «ВЫДАЮЩИЕСЯ АВИАКОНСТРУКТОРЫ»
10.15 Х/Ф «ДЕНЬ КОМАНДИРА ДИВИЗИИ»
12.05 Т/С «ЗАСТАВА ЖИЛИНА»
13.15 ВОИНЫ МИРА. КАСТА ВЛАСТЕЛИНОВ
14.15 Х/Ф «ДВАВОСКРЕСЕНЬЯ»
16.00 НОВОСТИ
16.15 Х/Ф «ПРИКАЗАНО ВЗЯТЬ ЖИВЫМ»
18.00, 22.00 НОВОСТИ
18.30, 04.50 Д/С «ВЫДАЮЩИЕСЯ АВИАКОНСТРУКТОРЫ»
19.30 Т/С «ВЕЧНЫЙ ЗОВ»
21.15 Д/Ф «НЕИЗВЕСТНЫЕ САМОЛЕТЫ»
22.30 Х/Ф «УКРОЩЕНИЕ ОГНЯ»
01.45 Х/Ф «ПРИЗНАТЬ ВИНОВНЫМ»
03.15 Т/С «КЛЮЧ ОТ БЕЗДНЫ»
ОТВ
5.00, 9.05 НОВОСТИ ТАУ
6.00, 10.05, 22.30, 02.10 «ПАТРУЛЬНЫЙ УЧАСТОК»
6.30 «УТРОТВ»
9.00, 10.00, 11.00, 12.00, 13.00, 14.00, 15.00, 16.00, 17.00, 18.00, 19.00 «СОБЫТИЯ. КАЖДЫЙ ЧАС»
10.25 МУЛЬТФИЛЬМ
11.10 «ДЕПУТАТСКОЕ РАССЛЕДОВАНИЕ»
11.30 «РЕЗОНАНС»
12.15 «СОБЫТИЯ. АКЦЕНТ»
12.35 СТУДЕНЧЕСКИЙ ГОРОДОК
13.05 ДОКУМ. ФИЛЬМ
14.10 Т/С «ВСТРЕЧНАЯ ПОЛОСА», 1 СЕРИЯ
15.10 Х/Ф «ТАБОР УХОДИТ В НЕБО»
17.05 ДОКУМ. ФИЛЬМ
17.30 «РЕЦЕПТ»
18.10 «ПОКУПАЯ, ПРОВЕРЯЙ!»
18.30 «СОБЫТИЯ УРФО»
19.05, 03.40 «ПРЯМАЯ ЛИНИЯ. ОБРАЗОВАНИЕ»
19.35 Х/Ф «УЛЬТИМАТУМ»
21.00, 23.00, 01.15, 04.10 «СОБЫТИЯ. ИТОГИ»
21.30, 02.40 НОВОСТИ ТАУ
23.30, 01.45, 04.40 «СОБЫТИЯ. АКЦЕНТ. КУЛЬТУРА»
23.45 «СОБЫТИЯ УРФО»
00.15 «НАЦИОНАЛЬНЫЙ ПРОГНОЗ»
00.30 «МЕГАДРОМ»
01.00 «DE FACTO»
02.00 «ДЕЙСТВУЮЩИЕ ЛИЦА»
ТВ3
6.00 МУЛЬТФИЛЬМ
8.00 ДАЛЕКО И ЕЩЕ ДАЛЬШЕ
9.00 «ФАКТОР РИСКА»
10.00 ПАРАЛЛЕЛЬНЫЙ МИР
11.00 ДОКУМ. ФИЛЬМЫ
13.25 Т/С «КАСЛ»
15.15 Т/С «ГОВОРЯЩАЯ С ПРИЗРАКАМИ»
16.05 МИСТИЧЕСКИЕ ИСТОРИИ
17.00 ПАРАЛЛЕЛЬНЫЙ МИР
18.00 Х/Ф «ВЕРСИИ»
19.00 «ПРЕДСКАЗАТЕЛИ»
21.00 Х/Ф «УЖАС ТОРНАДО В НЬЮ-ЙОРКЕ»
23.00 Х/Ф «ЖАРКИЙ ДЕНЬ»
00.45 ПОКЕРНЫЙ ТУР
01.45 Д/С «НЕ ТАКИЕ»
02.30 Т/С «УБЕЖИЩЕ»
03.30 Т/С «БЫТЬ ЧЕЛОВЕКОМ»
04.15 Т/С «БЕЗ СЛЕДА»
05.00 Т/С «ТРЕТЬЯ ПЛАНЕТА ОТ СОЛНЦА»
За информацию, предоставленную телеканалами, редакция ответственности не несет. В телепрограмме возможны изменения.
